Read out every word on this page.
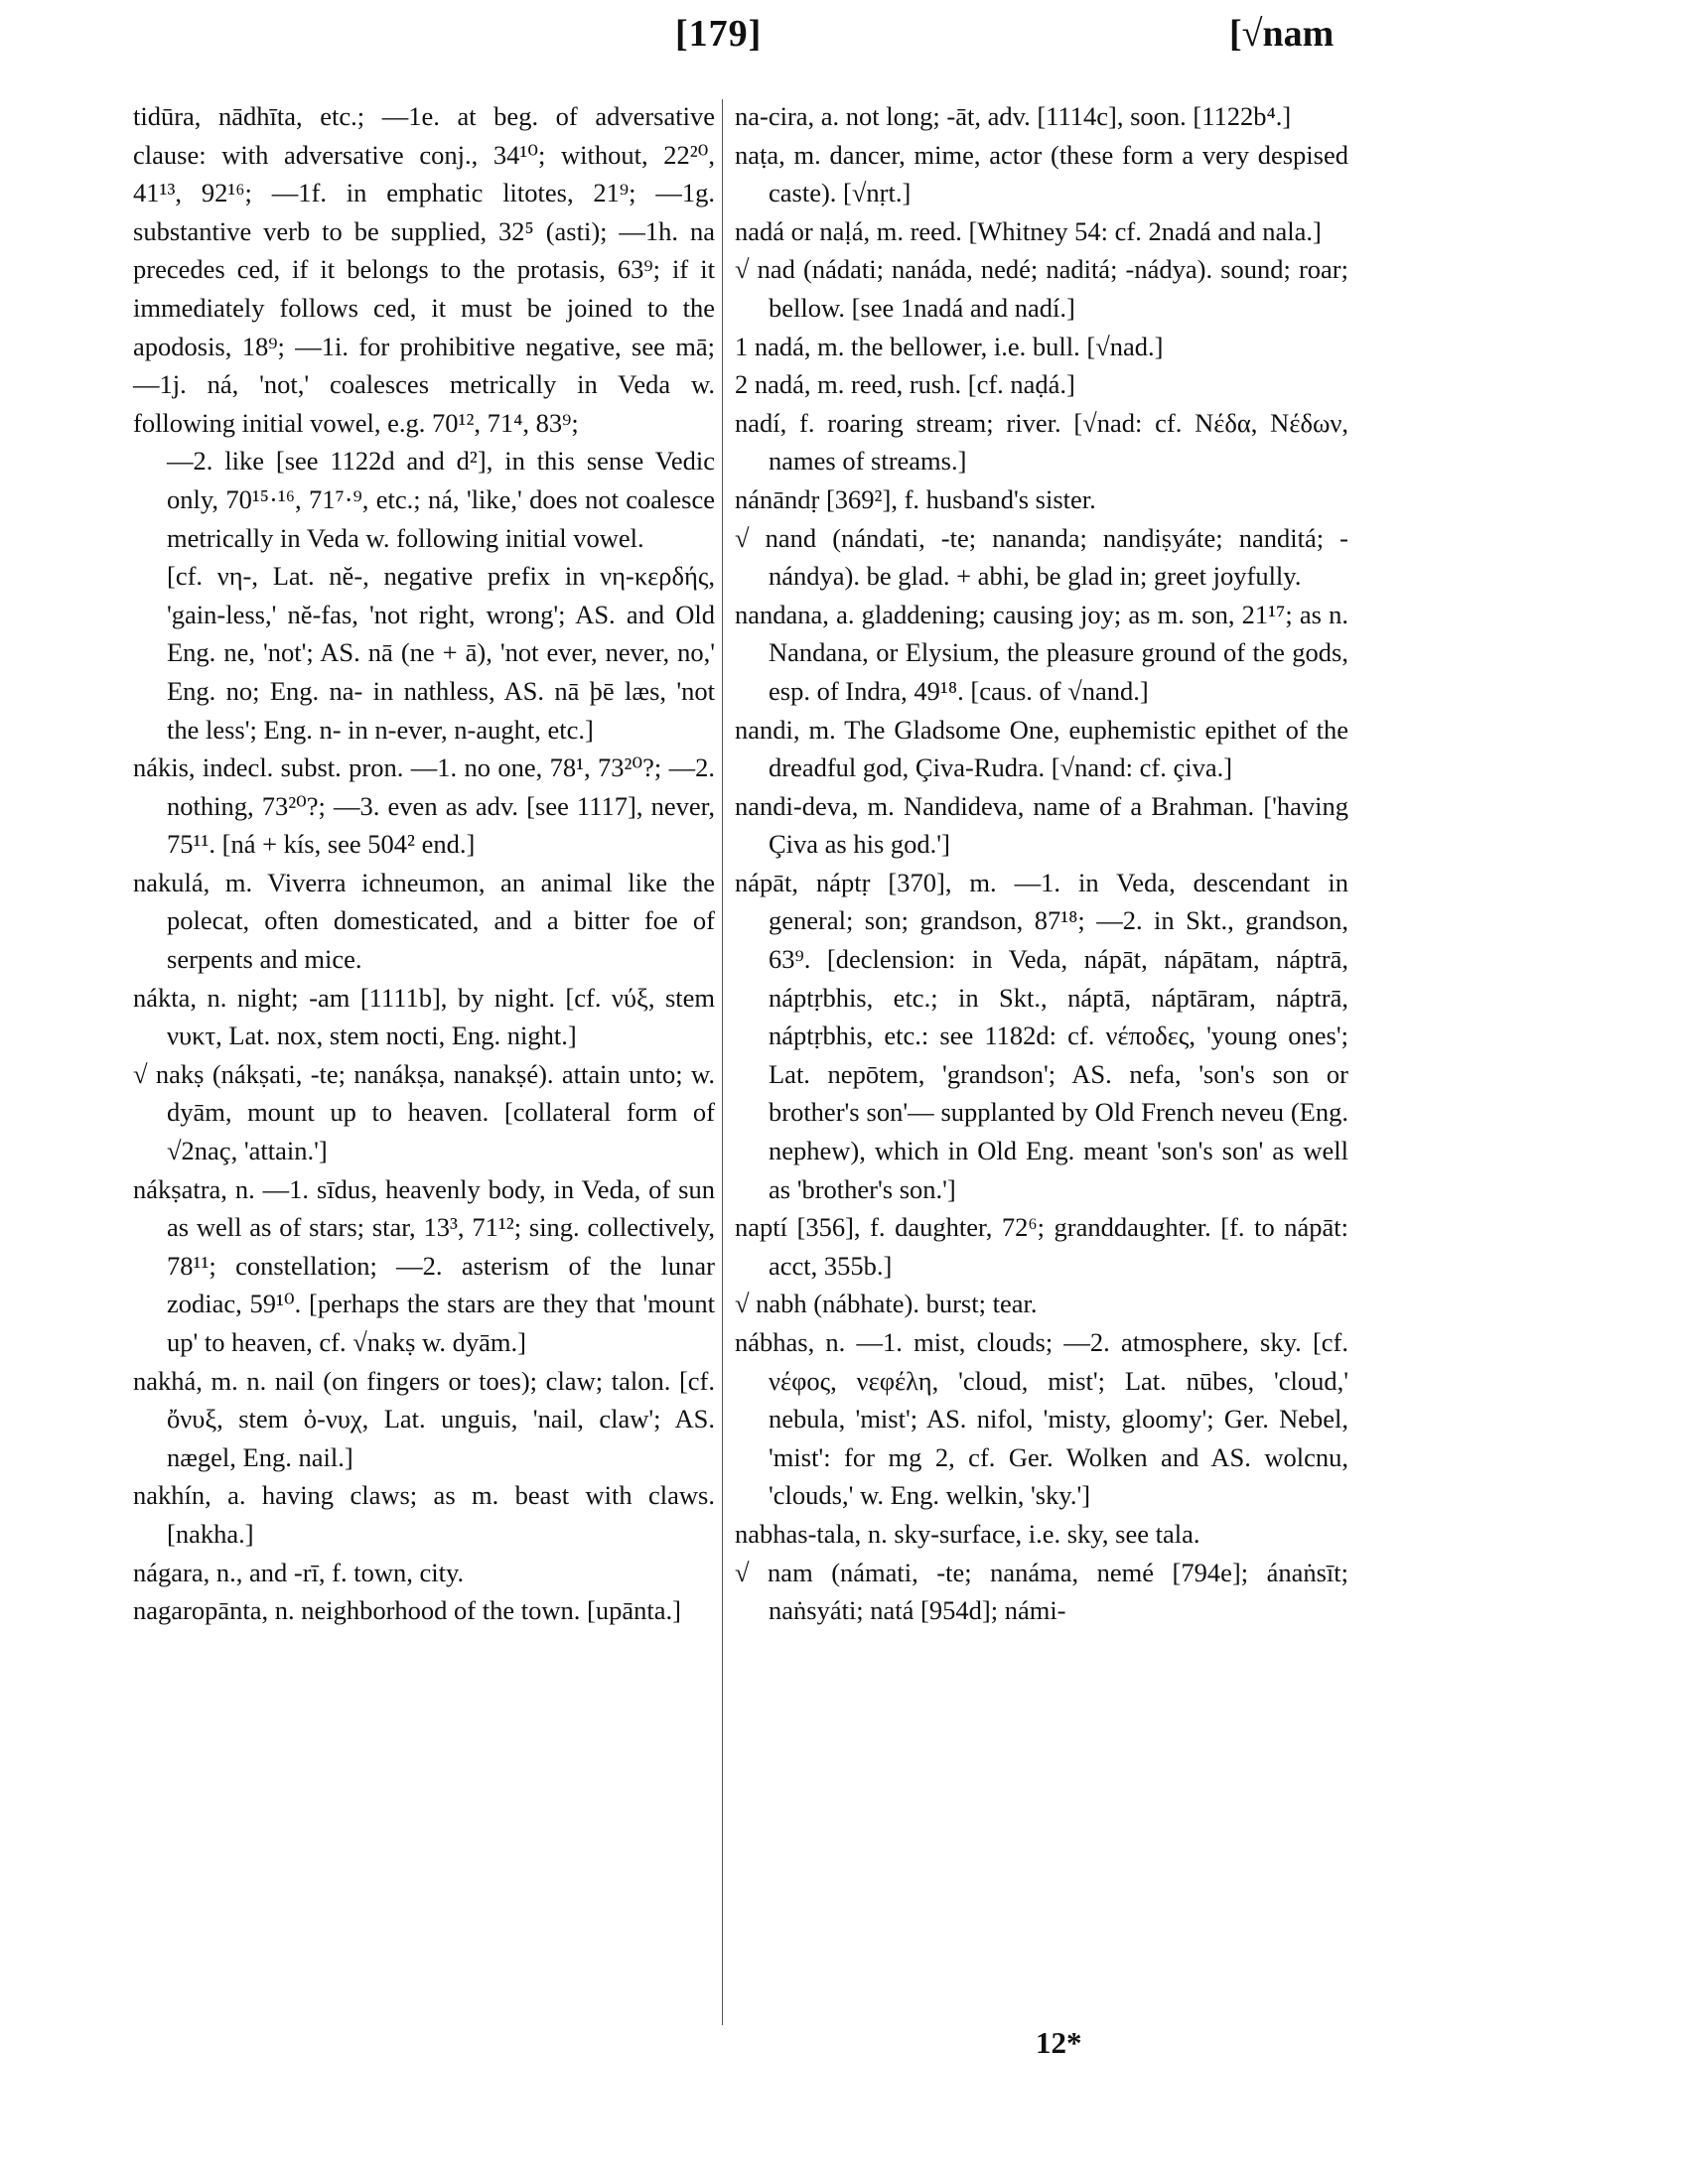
[179]	[√nam

tidūra, nādhīta, etc.; —1e. at beg. of adversative clause: with adversative conj., 34¹⁰; without, 22²⁰, 41¹³, 92¹⁶; —1f. in emphatic litotes, 21⁹; —1g. substantive verb to be supplied, 32⁵ (asti); —1h. na precedes ced, if it belongs to the protasis, 63⁹; if it immediately follows ced, it must be joined to the apodosis, 18⁹; —1i. for prohibitive negative, see mā; —1j. ná, 'not,' coalesces metrically in Veda w. following initial vowel, e.g. 70¹², 71⁴, 83⁹;

—2. like [see 1122d and d²], in this sense Vedic only, 70¹⁵·¹⁶, 71⁷·⁹, etc.; ná, 'like,' does not coalesce metrically in Veda w. following initial vowel.

[cf. νη-, Lat. nĕ-, negative prefix in νη-κερδής, 'gain-less,' nĕ-fas, 'not right, wrong'; AS. and Old Eng. ne, 'not'; AS. nā (ne + ā), 'not ever, never, no,' Eng. no; Eng. na- in nathless, AS. nā þē læs, 'not the less'; Eng. n- in n-ever, n-aught, etc.]

nákis, indecl. subst. pron. —1. no one, 78¹, 73²⁰?; —2. nothing, 73²⁰?; —3. even as adv. [see 1117], never, 75¹¹. [ná + kís, see 504² end.]

nakulá, m. Viverra ichneumon, an animal like the polecat, often domesticated, and a bitter foe of serpents and mice.

nákta, n. night; -am [1111b], by night. [cf. νύξ, stem νυκτ, Lat. nox, stem nocti, Eng. night.]

√ nakṣ (nákṣati, -te; nanákṣa, nanakṣé). attain unto; w. dyām, mount up to heaven. [collateral form of √2naç, 'attain.']

nákṣatra, n. —1. sīdus, heavenly body, in Veda, of sun as well as of stars; star, 13³, 71¹²; sing. collectively, 78¹¹; constellation; —2. asterism of the lunar zodiac, 59¹⁰. [perhaps the stars are they that 'mount up' to heaven, cf. √nakṣ w. dyām.]

nakhá, m. n. nail (on fingers or toes); claw; talon. [cf. ὄνυξ, stem ὀ-νυχ, Lat. unguis, 'nail, claw'; AS. nægel, Eng. nail.]

nakhín, a. having claws; as m. beast with claws. [nakha.]

nágara, n., and -rī, f. town, city.

nagaropānta, n. neighborhood of the town. [upānta.]

na-cira, a. not long; -āt, adv. [1114c], soon. [1122b⁴.]

naṭa, m. dancer, mime, actor (these form a very despised caste). [√nṛt.]

nadá or naḷá, m. reed. [Whitney 54: cf. 2nadá and nala.]

√ nad (nádati; nanáda, nedé; naditá; -nádya). sound; roar; bellow. [see 1nadá and nadí.]

1 nadá, m. the bellower, i.e. bull. [√nad.]

2 nadá, m. reed, rush. [cf. naḍá.]

nadí, f. roaring stream; river. [√nad: cf. Νέδα, Νέδων, names of streams.]

nánāndṛ [369²], f. husband's sister.

√ nand (nándati, -te; nananda; nandiṣyáte; nanditá; -nándya). be glad. + abhi, be glad in; greet joyfully.

nandana, a. gladdening; causing joy; as m. son, 21¹⁷; as n. Nandana, or Elysium, the pleasure ground of the gods, esp. of Indra, 49¹⁸. [caus. of √nand.]

nandi, m. The Gladsome One, euphemistic epithet of the dreadful god, Çiva-Rudra. [√nand: cf. çiva.]

nandi-deva, m. Nandideva, name of a Brahman. ['having Çiva as his god.']

nápāt, náptṛ [370], m. —1. in Veda, descendant in general; son; grandson, 87¹⁸; —2. in Skt., grandson, 63⁹. [declension: in Veda, nápāt, nápātam, náptrā, náptṛbhis, etc.; in Skt., náptā, náptāram, náptrā, náptṛbhis, etc.: see 1182d: cf. νέποδες, 'young ones'; Lat. nepōtem, 'grandson'; AS. nefa, 'son's son or brother's son'— supplanted by Old French neveu (Eng. nephew), which in Old Eng. meant 'son's son' as well as 'brother's son.']

naptí [356], f. daughter, 72⁶; granddaughter. [f. to nápāt: acct, 355b.]

√ nabh (nábhate). burst; tear.

nábhas, n. —1. mist, clouds; —2. atmosphere, sky. [cf. νέφος, νεφέλη, 'cloud, mist'; Lat. nūbes, 'cloud,' nebula, 'mist'; AS. nifol, 'misty, gloomy'; Ger. Nebel, 'mist': for mg 2, cf. Ger. Wolken and AS. wolcnu, 'clouds,' w. Eng. welkin, 'sky.']

nabhas-tala, n. sky-surface, i.e. sky, see tala.

√ nam (námati, -te; nanáma, nemé [794e]; ánaṅsīt; naṅsyáti; natá [954d]; námi-

12*
